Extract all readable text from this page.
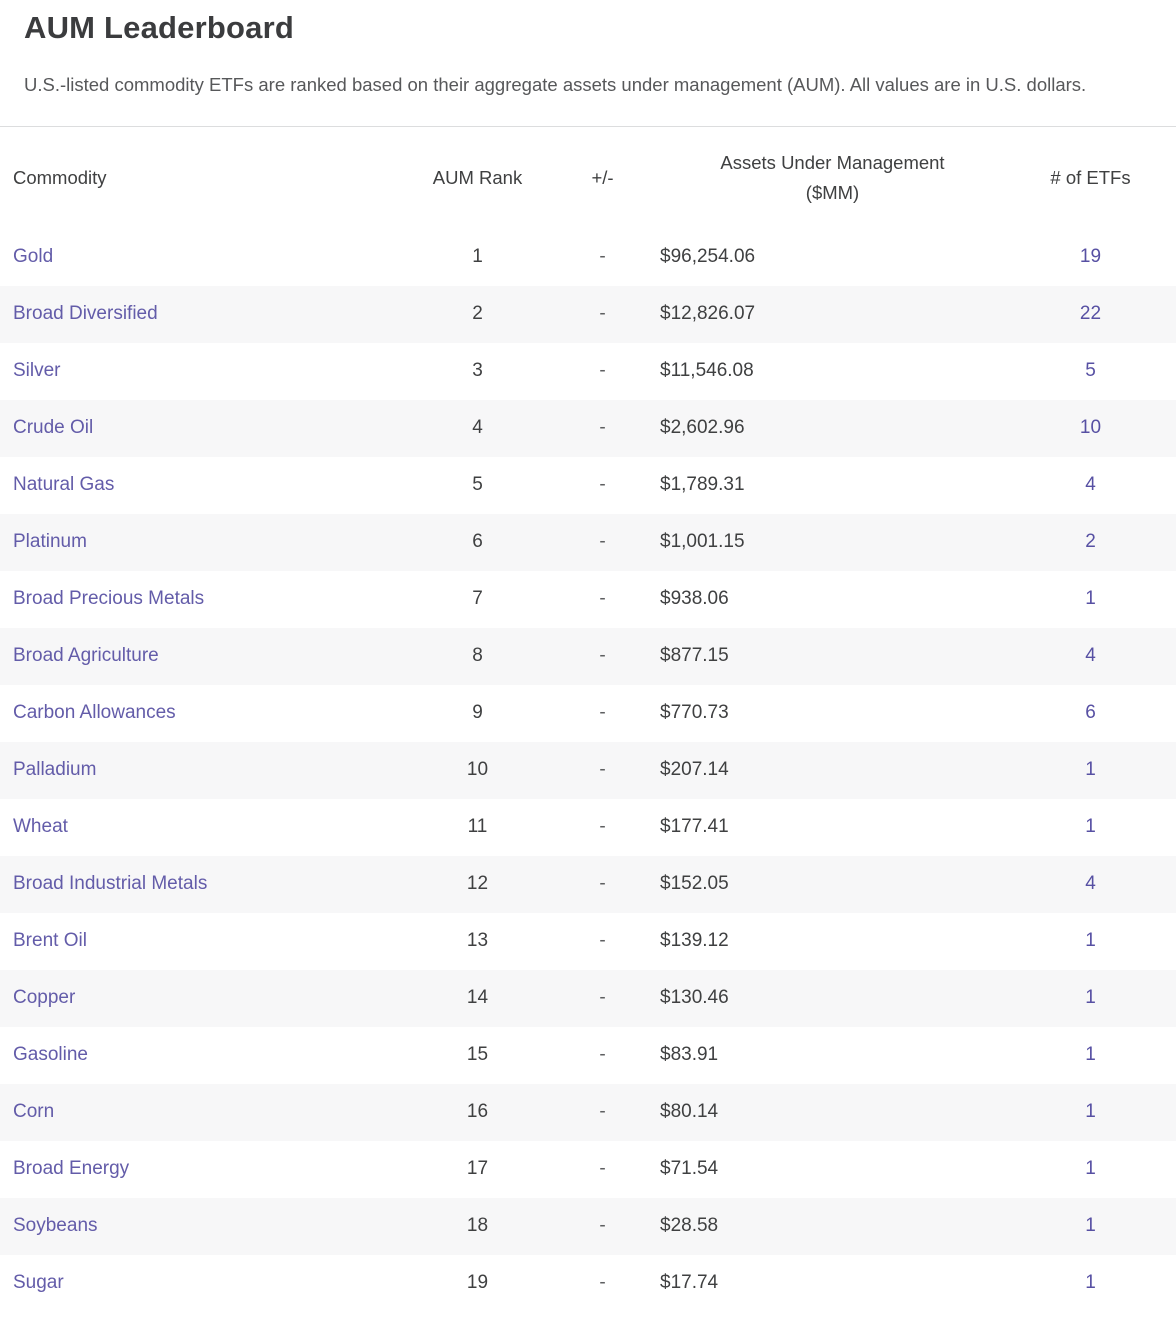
AUM Leaderboard

U.S.-listed commodity ETFs are ranked based on their aggregate assets under management (AUM). All values are in U.S. dollars.

Commodity	AUM Rank	+/-	Assets Under Management
($MM)	# of ETFs
Gold	1	-	$96,254.06	19
Broad Diversified	2	-	$12,826.07	22
Silver	3	-	$11,546.08	5
Crude Oil	4	-	$2,602.96	10
Natural Gas	5	-	$1,789.31	4
Platinum	6	-	$1,001.15	2
Broad Precious Metals	7	-	$938.06	1
Broad Agriculture	8	-	$877.15	4
Carbon Allowances	9	-	$770.73	6
Palladium	10	-	$207.14	1
Wheat	11	-	$177.41	1
Broad Industrial Metals	12	-	$152.05	4
Brent Oil	13	-	$139.12	1
Copper	14	-	$130.46	1
Gasoline	15	-	$83.91	1
Corn	16	-	$80.14	1
Broad Energy	17	-	$71.54	1
Soybeans	18	-	$28.58	1
Sugar	19	-	$17.74	1
